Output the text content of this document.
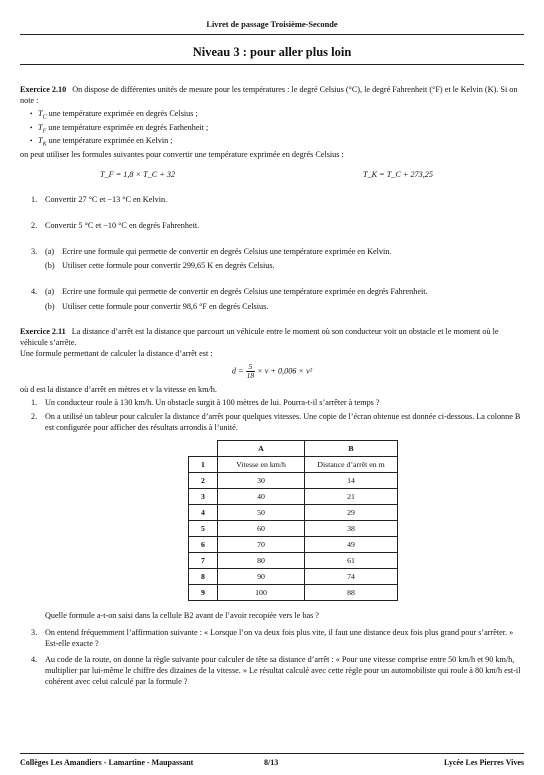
Livret de passage Troisième-Seconde
Niveau 3 : pour aller plus loin

Exercice 2.10 On dispose de différentes unités de mesure pour les températures : le degré Celsius (°C), le degré Fahrenheit (°F) et le Kelvin (K). Si on note :

• $T_C$ une température exprimée en degrés Celsius ;
• $T_F$ une température exprimée en degrés Farhenheit ;
• $T_K$ une température exprimée en Kelvin ;

on peut utiliser les formules suivantes pour convertir une température exprimée en degrés Celsius :

T_F = 1,8 × T_C + 32	T_K = T_C + 273,25
1. Convertir 27 °C et −13 °C en Kelvin.
2. Convertir 5 °C et −10 °C en degrés Fahrenheit.
3. (a) Ecrire une formule qui permette de convertir en degrés Celsius une température exprimée en Kelvin.
(b) Utiliser cette formule pour convertir 299,65 K en degrés Celsius.
4. (a) Ecrire une formule qui permette de convertir en degrés Celsius une température exprimée en degrés Fahrenheit.
(b) Utiliser cette formule pour convertir 98,6 °F en degrés Celsius.

Exercice 2.11 La distance d’arrêt est la distance que parcourt un véhicule entre le moment où son conducteur voit un obstacle et le moment où le véhicule s’arrête.

Une formule permettant de calculer la distance d’arrêt est :

$d = \frac{5}{18} \times v + 0,006 \times v^2$

où d est la distance d’arrêt en mètres et v la vitesse en km/h.

1. Un conducteur roule à 130 km/h. Un obstacle surgit à 100 mètres de lui. Pourra-t-il s’arrêter à temps ?
2. On a utilisé un tableur pour calculer la distance d’arrêt pour quelques vitesses. Une copie de l’écran obtenue est donnée ci-dessous. La colonne B est configurée pour afficher des résultats arrondis à l’unité.
	A	B
1	Vitesse en km/h	Distance d’arrêt en m
2	30	14
3	40	21
4	50	29
5	60	38
6	70	49
7	80	61
8	90	74
9	100	88

Quelle formule a-t-on saisi dans la cellule B2 avant de l’avoir recopiée vers le bas ?

3. On entend fréquemment l’affirmation suivante : « Lorsque l’on va deux fois plus vite, il faut une distance deux fois plus grand pour s’arrêter. » Est-elle exacte ?
4. Au code de la route, on donne la règle suivante pour calculer de tête sa distance d’arrêt : « Pour une vitesse comprise entre 50 km/h et 90 km/h, multiplier par lui-même le chiffre des dizaines de la vitesse. » Le résultat calculé avec cette règle pour un automobiliste qui roule à 80 km/h est-il cohérent avec celui calculé par la formule ?
Collèges Les Amandiers - Lamartine - Maupassant	8/13	Lycée Les Pierres Vives
